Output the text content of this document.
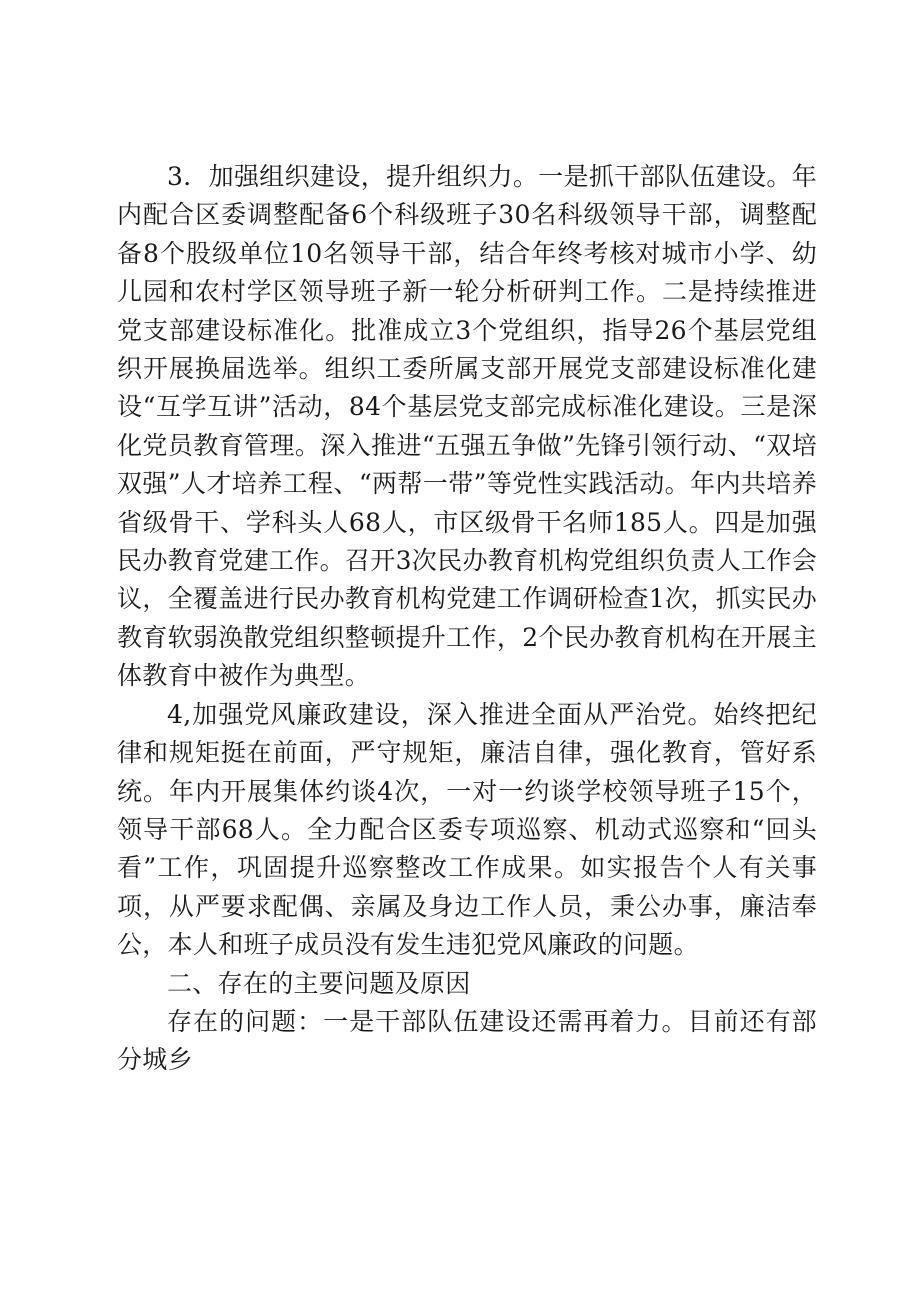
3．加强组织建设，提升组织力。一是抓干部队伍建设。年内配合区委调整配备6个科级班子30名科级领导干部，调整配备8个股级单位10名领导干部，结合年终考核对城市小学、幼儿园和农村学区领导班子新一轮分析研判工作。二是持续推进党支部建设标准化。批准成立3个党组织，指导26个基层党组织开展换届选举。组织工委所属支部开展党支部建设标准化建设“互学互讲”活动，84个基层党支部完成标准化建设。三是深化党员教育管理。深入推进“五强五争做”先锋引领行动、“双培双强”人才培养工程、“两帮一带”等党性实践活动。年内共培养省级骨干、学科头人68人，市区级骨干名师185人。四是加强民办教育党建工作。召开3次民办教育机构党组织负责人工作会议，全覆盖进行民办教育机构党建工作调研检查1次，抓实民办教育软弱涣散党组织整顿提升工作，2个民办教育机构在开展主体教育中被作为典型。

4,加强党风廉政建设，深入推进全面从严治党。始终把纪律和规矩挺在前面，严守规矩，廉洁自律，强化教育，管好系统。年内开展集体约谈4次，一对一约谈学校领导班子15个，领导干部68人。全力配合区委专项巡察、机动式巡察和“回头看”工作，巩固提升巡察整改工作成果。如实报告个人有关事项，从严要求配偶、亲属及身边工作人员，秉公办事，廉洁奉公，本人和班子成员没有发生违犯党风廉政的问题。

二、存在的主要问题及原因

存在的问题：一是干部队伍建设还需再着力。目前还有部分城乡
